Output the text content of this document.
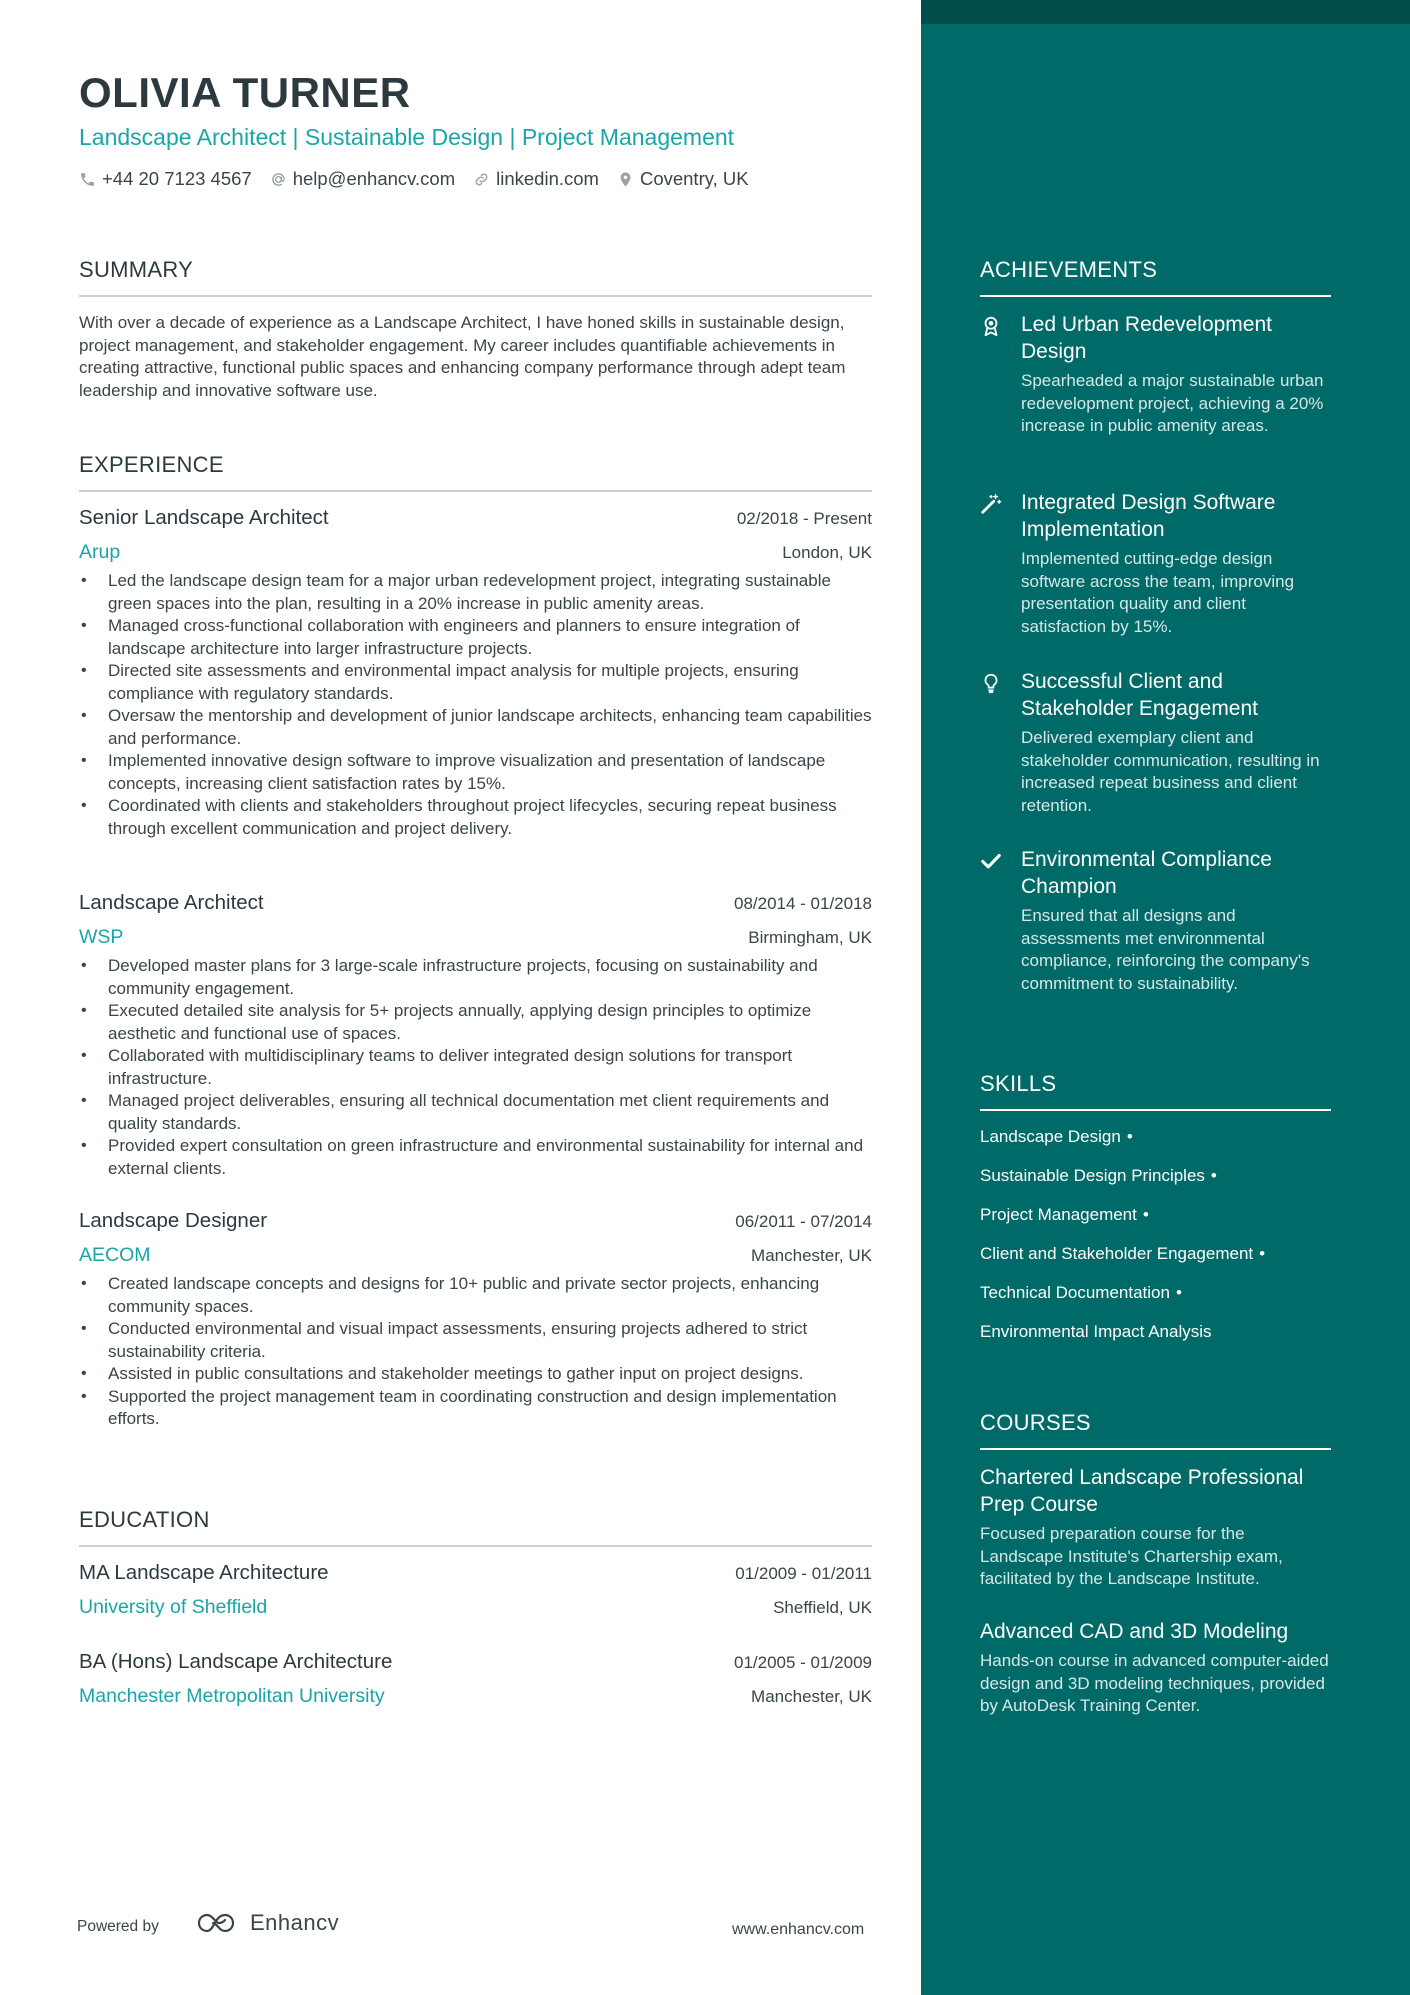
OLIVIA TURNER
Landscape Architect | Sustainable Design | Project Management
+44 20 7123 4567 help@enhancv.com linkedin.com Coventry, UK
SUMMARY
With over a decade of experience as a Landscape Architect, I have honed skills in sustainable design, project management, and stakeholder engagement. My career includes quantifiable achievements in creating attractive, functional public spaces and enhancing company performance through adept team leadership and innovative software use.
EXPERIENCE
Senior Landscape Architect	02/2018 - Present
Arup	London, UK
• Led the landscape design team for a major urban redevelopment project, integrating sustainable green spaces into the plan, resulting in a 20% increase in public amenity areas.
• Managed cross-functional collaboration with engineers and planners to ensure integration of landscape architecture into larger infrastructure projects.
• Directed site assessments and environmental impact analysis for multiple projects, ensuring compliance with regulatory standards.
• Oversaw the mentorship and development of junior landscape architects, enhancing team capabilities and performance.
• Implemented innovative design software to improve visualization and presentation of landscape concepts, increasing client satisfaction rates by 15%.
• Coordinated with clients and stakeholders throughout project lifecycles, securing repeat business through excellent communication and project delivery.
Landscape Architect	08/2014 - 01/2018
WSP	Birmingham, UK
• Developed master plans for 3 large-scale infrastructure projects, focusing on sustainability and community engagement.
• Executed detailed site analysis for 5+ projects annually, applying design principles to optimize aesthetic and functional use of spaces.
• Collaborated with multidisciplinary teams to deliver integrated design solutions for transport infrastructure.
• Managed project deliverables, ensuring all technical documentation met client requirements and quality standards.
• Provided expert consultation on green infrastructure and environmental sustainability for internal and external clients.
Landscape Designer	06/2011 - 07/2014
AECOM	Manchester, UK
• Created landscape concepts and designs for 10+ public and private sector projects, enhancing community spaces.
• Conducted environmental and visual impact assessments, ensuring projects adhered to strict sustainability criteria.
• Assisted in public consultations and stakeholder meetings to gather input on project designs.
• Supported the project management team in coordinating construction and design implementation efforts.
EDUCATION
MA Landscape Architecture	01/2009 - 01/2011
University of Sheffield	Sheffield, UK
BA (Hons) Landscape Architecture	01/2005 - 01/2009
Manchester Metropolitan University	Manchester, UK
Powered by	Enhancv	www.enhancv.com
ACHIEVEMENTS
Led Urban Redevelopment Design
Spearheaded a major sustainable urban redevelopment project, achieving a 20% increase in public amenity areas.
Integrated Design Software Implementation
Implemented cutting-edge design software across the team, improving presentation quality and client satisfaction by 15%.
Successful Client and Stakeholder Engagement
Delivered exemplary client and stakeholder communication, resulting in increased repeat business and client retention.
Environmental Compliance Champion
Ensured that all designs and assessments met environmental compliance, reinforcing the company's commitment to sustainability.
SKILLS
Landscape Design •
Sustainable Design Principles •
Project Management •
Client and Stakeholder Engagement •
Technical Documentation •
Environmental Impact Analysis
COURSES
Chartered Landscape Professional Prep Course
Focused preparation course for the Landscape Institute's Chartership exam, facilitated by the Landscape Institute.
Advanced CAD and 3D Modeling
Hands-on course in advanced computer-aided design and 3D modeling techniques, provided by AutoDesk Training Center.
